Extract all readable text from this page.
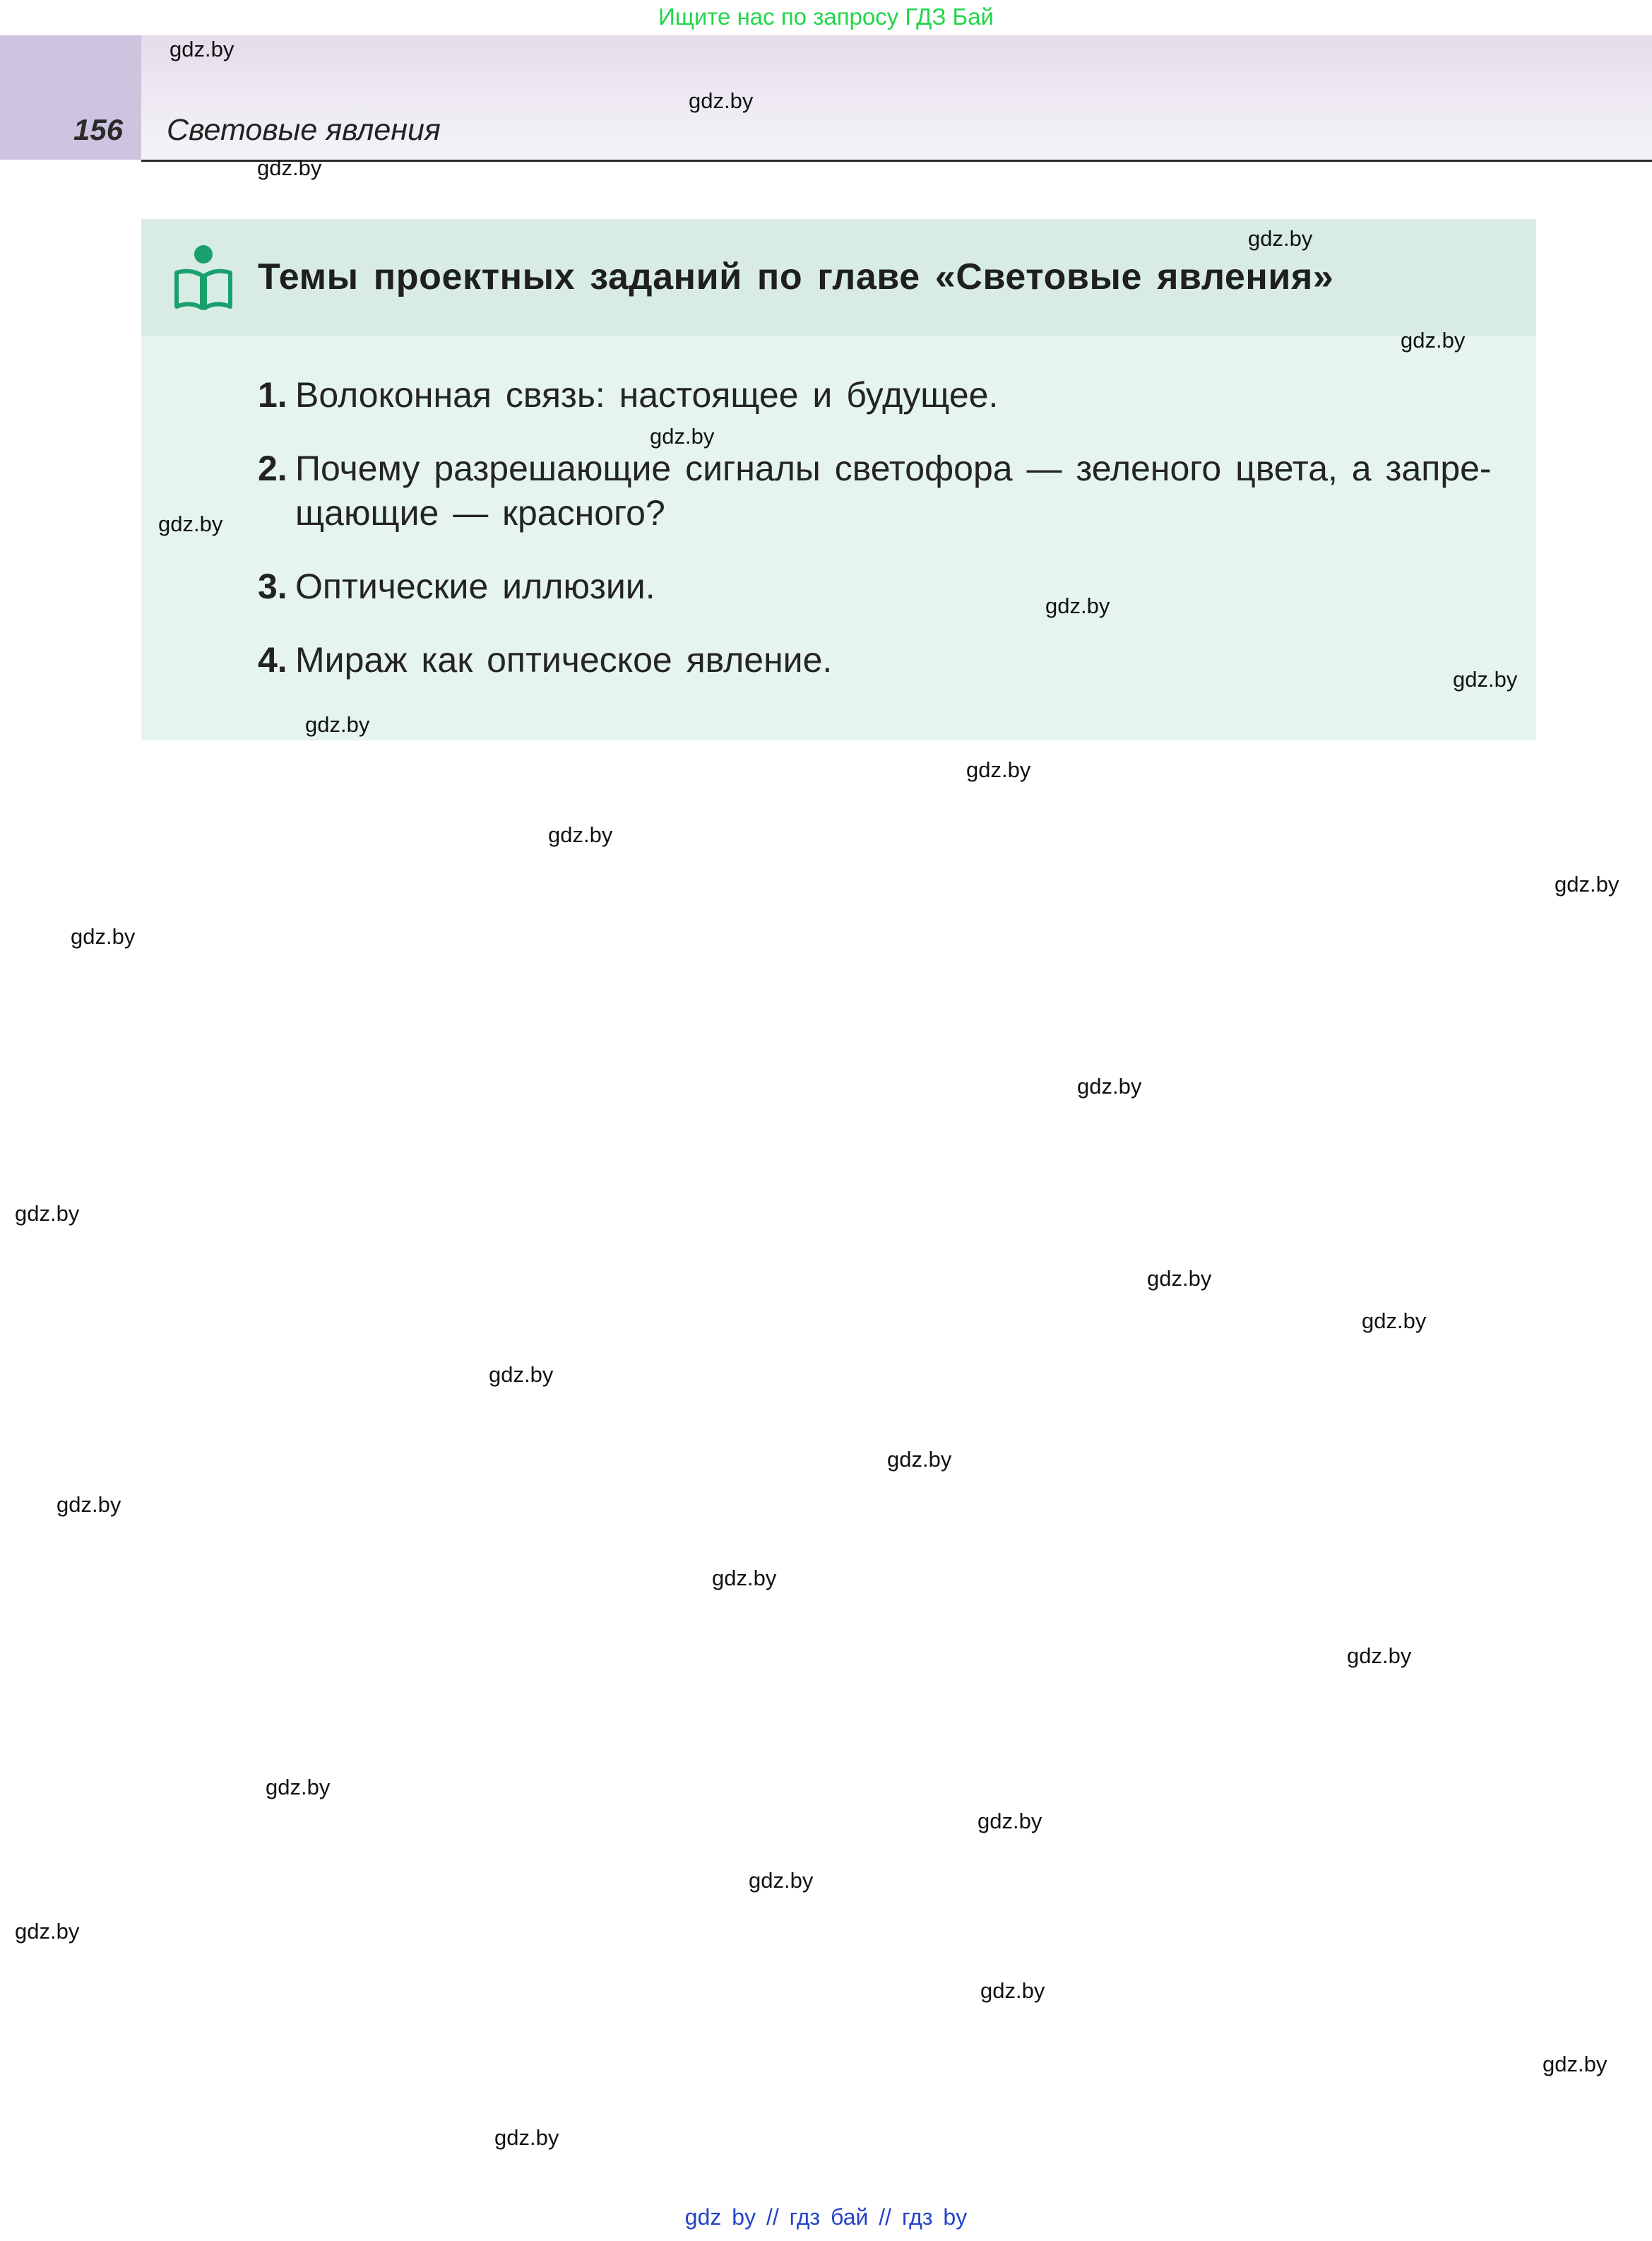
Ищите нас по запросу ГДЗ Бай
156 Световые явления
Темы проектных заданий по главе «Световые явления»
1. Волоконная связь: настоящее и будущее.
2. Почему разрешающие сигналы светофора — зеленого цвета, а запре-щающие — красного?
3. Оптические иллюзии.
4. Мираж как оптическое явление.
gdz.by
gdz.by
gdz.by
gdz.by
gdz.by
gdz.by
gdz.by
gdz.by
gdz.by
gdz.by
gdz.by
gdz.by
gdz.by
gdz.by
gdz.by
gdz.by
gdz.by
gdz.by
gdz.by
gdz.by
gdz.by
gdz.by
gdz.by
gdz.by
gdz.by
gdz.by
gdz.by
gdz.by
gdz.by
gdz.by
gdz by // гдз бай // гдз by
